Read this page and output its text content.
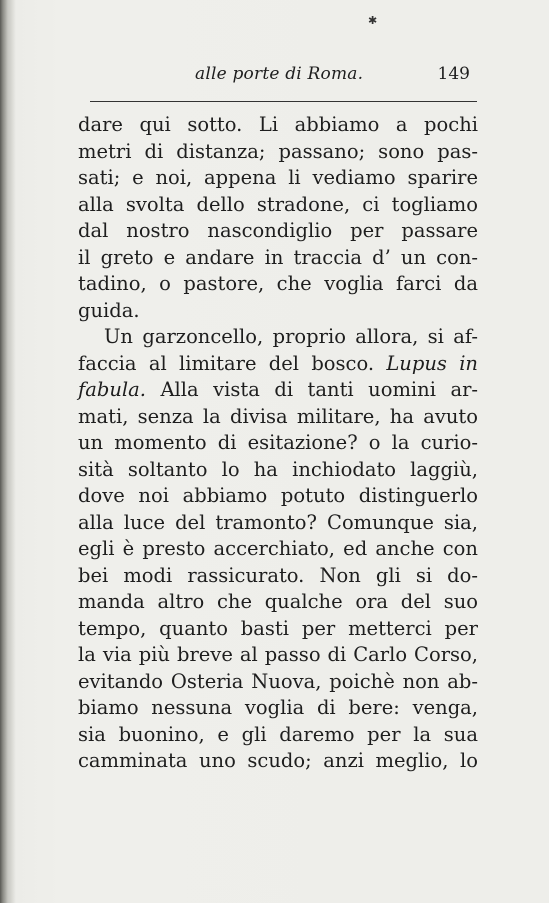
✱
alle porte di Roma.	149
dare qui sotto. Li abbiamo a pochi
metri di distanza; passano; sono pas-
sati; e noi, appena li vediamo sparire
alla svolta dello stradone, ci togliamo
dal nostro nascondiglio per passare
il greto e andare in traccia d’ un con-
tadino, o pastore, che voglia farci da
guida.
Un garzoncello, proprio allora, si af-
faccia al limitare del bosco. Lupus in
fabula. Alla vista di tanti uomini ar-
mati, senza la divisa militare, ha avuto
un momento di esitazione? o la curio-
sità soltanto lo ha inchiodato laggiù,
dove noi abbiamo potuto distinguerlo
alla luce del tramonto? Comunque sia,
egli è presto accerchiato, ed anche con
bei modi rassicurato. Non gli si do-
manda altro che qualche ora del suo
tempo, quanto basti per metterci per
la via più breve al passo di Carlo Corso,
evitando Osteria Nuova, poichè non ab-
biamo nessuna voglia di bere: venga,
sia buonino, e gli daremo per la sua
camminata uno scudo; anzi meglio, lo
